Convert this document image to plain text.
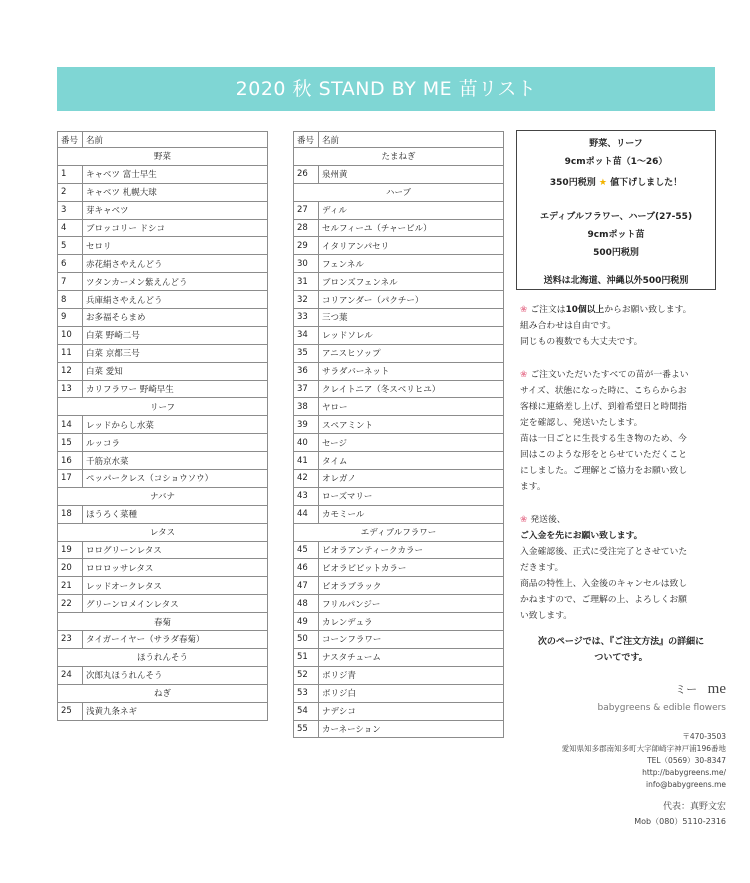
2020 秋 STAND BY ME 苗リスト
番号	名前
野菜	
1	キャベツ 富士早生
2	キャベツ 札幌大球
3	芽キャベツ
4	ブロッコリー ドシコ
5	セロリ
6	赤花絹さやえんどう
7	ツタンカーメン紫えんどう
8	兵庫絹さやえんどう
9	お多福そらまめ
10	白菜 野崎二号
11	白菜 京都三号
12	白菜 愛知
13	カリフラワー 野崎早生
リーフ	
14	レッドからし水菜
15	ルッコラ
16	千筋京水菜
17	ペッパークレス（コショウソウ）
ナバナ	
18	ほうろく菜種
レタス	
19	ロログリーンレタス
20	ロロロッサレタス
21	レッドオークレタス
22	グリーンロメインレタス
春菊	
23	タイガーイヤー（サラダ春菊）
ほうれんそう	
24	次郎丸ほうれんそう
ねぎ	
25	浅黄九条ネギ
番号	名前
たまねぎ	
26	泉州黄
ハーブ	
27	ディル
28	セルフィーユ（チャービル）
29	イタリアンパセリ
30	フェンネル
31	ブロンズフェンネル
32	コリアンダー（パクチー）
33	三つ葉
34	レッドソレル
35	アニスヒソップ
36	サラダバーネット
37	クレイトニア（冬スベリヒユ）
38	ヤロー
39	スペアミント
40	セージ
41	タイム
42	オレガノ
43	ローズマリー
44	カモミール
エディブルフラワー	
45	ビオラアンティークカラー
46	ビオラビビットカラー
47	ビオラブラック
48	フリルパンジー
49	カレンデュラ
50	コーンフラワー
51	ナスタチューム
52	ボリジ青
53	ボリジ白
54	ナデシコ
55	カーネーション
野菜、リーフ
9cmポット苗（1〜26）
350円税別 ★ 値下げしました！
エディブルフラワー、ハーブ(27-55)
9cmポット苗
500円税別
送料は北海道、沖縄以外500円税別
❀ ご注文は10個以上からお願い致します。
組み合わせは自由です。
同じもの複数でも大丈夫です。
❀ ご注文いただいたすべての苗が一番よい
サイズ、状態になった時に、こちらからお
客様に連絡差し上げ、到着希望日と時間指
定を確認し、発送いたします。
苗は一日ごとに生長する生き物のため、今
回はこのような形をとらせていただくこと
にしました。ご理解とご協力をお願い致し
ます。
❀ 発送後、
ご入金を先にお願い致します。
入金確認後、正式に受注完了とさせていた
だきます。
商品の特性上、入金後のキャンセルは致し
かねますので、ご理解の上、よろしくお願
い致します。
次のページでは、『ご注文方法』の詳細に
ついてです。
ミー me
babygreens & edible flowers
〒470-3503
愛知県知多郡南知多町大字師崎字神戸浦196番地
TEL（0569）30-8347
http://babygreens.me/
info@babygreens.me
代表：真野文宏
Mob（080）5110-2316
